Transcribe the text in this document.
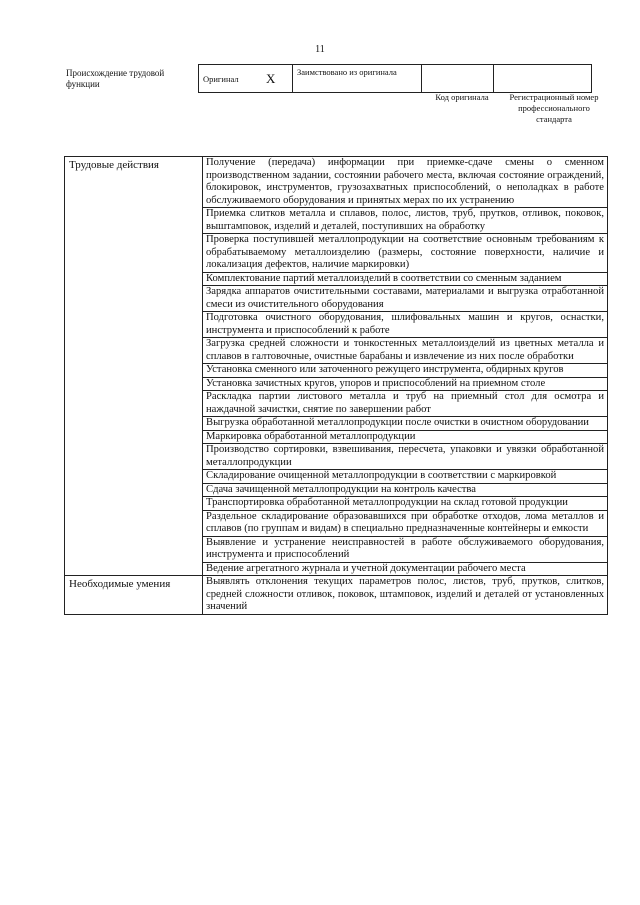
11
Происхождение трудовой функции
Оригинал	X	Заимствовано из оригинала		
Код оригинала	Регистрационный номер профессионального стандарта
Трудовые действия	Получение (передача) информации при приемке-сдаче смены о сменном производственном задании, состоянии рабочего места, включая состояние ограждений, блокировок, инструментов, грузозахватных приспособлений, о неполадках в работе обслуживаемого оборудования и принятых мерах по их устранению
	Приемка слитков металла и сплавов, полос, листов, труб, прутков, отливок, поковок, выштамповок, изделий и деталей, поступивших на обработку
	Проверка поступившей металлопродукции на соответствие основным требованиям к обрабатываемому металлоизделию (размеры, состояние поверхности, наличие и локализация дефектов, наличие маркировки)
	Комплектование партий металлоизделий в соответствии со сменным заданием
	Зарядка аппаратов очистительными составами, материалами и выгрузка отработанной смеси из очистительного оборудования
	Подготовка очистного оборудования, шлифовальных машин и кругов, оснастки, инструмента и приспособлений к работе
	Загрузка средней сложности и тонкостенных металлоизделий из цветных металла и сплавов в галтовочные, очистные барабаны и извлечение из них после обработки
	Установка сменного или заточенного режущего инструмента, обдирных кругов
	Установка зачистных кругов, упоров и приспособлений на приемном столе
	Раскладка партии листового металла и труб на приемный стол для осмотра и наждачной зачистки, снятие по завершении работ
	Выгрузка обработанной металлопродукции после очистки в очистном оборудовании
	Маркировка обработанной металлопродукции
	Производство сортировки, взвешивания, пересчета, упаковки и увязки обработанной металлопродукции
	Складирование очищенной металлопродукции в соответствии с маркировкой
	Сдача зачищенной металлопродукции на контроль качества
	Транспортировка обработанной металлопродукции на склад готовой продукции
	Раздельное складирование образовавшихся при обработке отходов, лома металлов и сплавов (по группам и видам) в специально предназначенные контейнеры и емкости
	Выявление и устранение неисправностей в работе обслуживаемого оборудования, инструмента и приспособлений
	Ведение агрегатного журнала и учетной документации рабочего места
Необходимые умения	Выявлять отклонения текущих параметров полос, листов, труб, прутков, слитков, средней сложности отливок, поковок, штамповок, изделий и деталей от установленных значений
